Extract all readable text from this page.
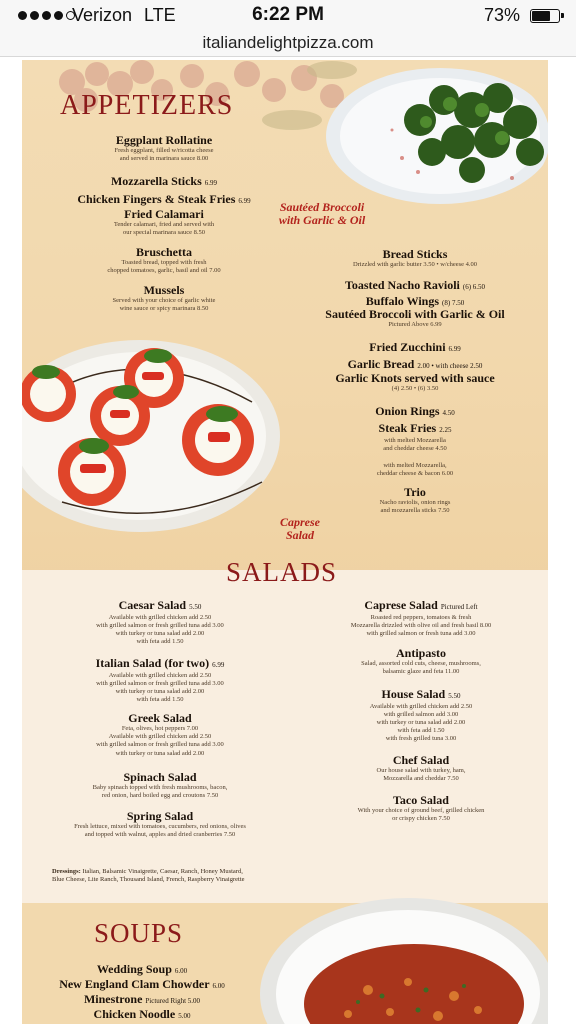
Verizon LTE	6:22 PM	73%
italiandelightpizza.com
APPETIZERS
Sautéed Broccoli
with Garlic & Oil
Eggplant Rollatine
Fresh eggplant, filled w/ricotta cheese
and served in marinara sauce 8.00
Mozzarella Sticks 6.99
Chicken Fingers & Steak Fries 6.99
Fried Calamari
Tender calamari, fried and served with
our special marinara sauce 8.50
Bruschetta
Toasted bread, topped with fresh
chopped tomatoes, garlic, basil and oil 7.00
Mussels
Served with your choice of garlic white
wine sauce or spicy marinara 8.50
Bread Sticks
Drizzled with garlic butter 3.50 • w/cheese 4.00
Toasted Nacho Ravioli (6) 6.50
Buffalo Wings (8) 7.50
Sautéed Broccoli with Garlic & Oil
Pictured Above 6.99
Fried Zucchini 6.99
Garlic Bread 2.00 • with cheese 2.50
Garlic Knots served with sauce
(4) 2.50 • (6) 3.50
Onion Rings 4.50
Steak Fries 2.25
with melted Mozzarella
and cheddar cheese 4.50
with melted Mozzarella,
cheddar cheese & bacon 6.00
Trio
Nacho raviolis, onion rings
and mozzarella sticks 7.50
Caprese
Salad
SALADS
Caesar Salad 5.50
Available with grilled chicken add 2.50
with grilled salmon or fresh grilled tuna add 3.00
with turkey or tuna salad add 2.00
with feta add 1.50
Italian Salad (for two) 6.99
Available with grilled chicken add 2.50
with grilled salmon or fresh grilled tuna add 3.00
with turkey or tuna salad add 2.00
with feta add 1.50
Greek Salad
Feta, olives, hot peppers 7.00
Available with grilled chicken add 2.50
with grilled salmon or fresh grilled tuna add 3.00
with turkey or tuna salad add 2.00
Spinach Salad
Baby spinach topped with fresh mushrooms, bacon,
red onion, hard boiled egg and croutons 7.50
Spring Salad
Fresh lettuce, mixed with tomatoes, cucumbers, red onions, olives
and topped with walnut, apples and dried cranberries 7.50
Caprese Salad Pictured Left
Roasted red peppers, tomatoes & fresh
Mozzarella drizzled with olive oil and fresh basil 8.00
with grilled salmon or fresh tuna add 3.00
Antipasto
Salad, assorted cold cuts, cheese, mushrooms,
balsamic glaze and feta 11.00
House Salad 5.50
Available with grilled chicken add 2.50
with grilled salmon add 3.00
with turkey or tuna salad add 2.00
with feta add 1.50
with fresh grilled tuna 3.00
Chef Salad
Our house salad with turkey, ham,
Mozzarella and cheddar 7.50
Taco Salad
With your choice of ground beef, grilled chicken
or crispy chicken 7.50
Dressings: Italian, Balsamic Vinaigrette, Caesar, Ranch, Honey Mustard,
Blue Cheese, Lite Ranch, Thousand Island, French, Raspberry Vinaigrette
SOUPS
Wedding Soup 6.00
New England Clam Chowder 6.00
Minestrone Pictured Right 5.00
Chicken Noodle 5.00
